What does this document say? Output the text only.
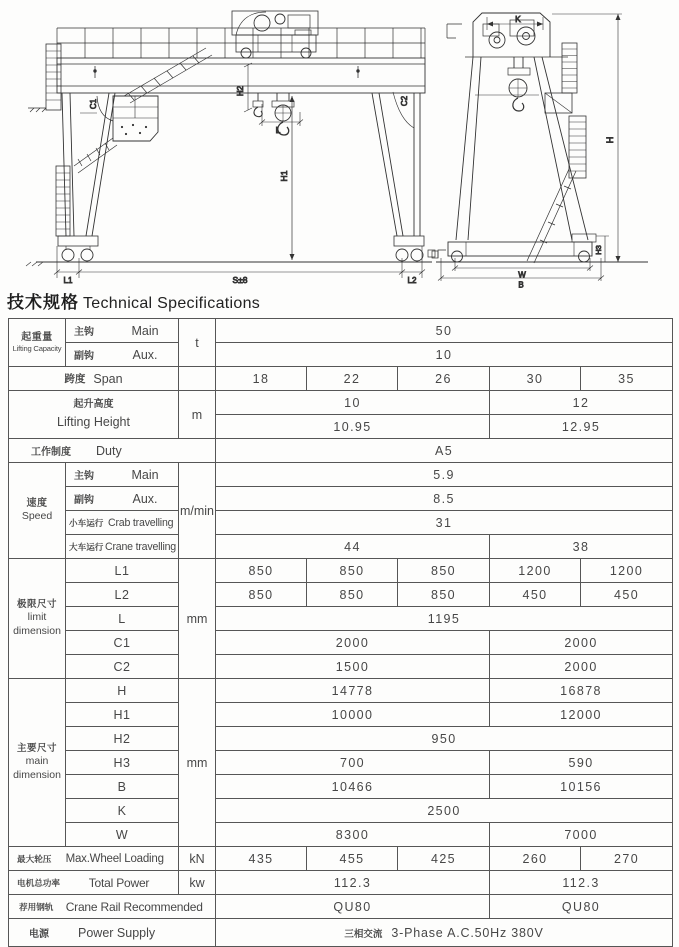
H2
L
H1
C1	C2
L1	S±8	L2
K
H
H3
W
B
技术规格 Technical Specifications
起重量
Lifting Capacity	主钩 Main	t	50				

	副钩 Aux.		10				

跨度 Span			18	22	26	30	35

起升高度
Lifting Height		m	10			12	
			10.95			12.95	

工作制度 Duty			A5				

速度
Speed	主钩 Main	m/min	5.9				

	副钩 Aux.		8.5				

	小车运行 Crab travelling		31				

	大车运行 Crane travelling		44			38	

极限尺寸
limit
dimension	L1	mm	850	850	850	1200	1200
	L2		850	850	850	450	450
	L		1195				
	C1		2000			2000	
	C2		1500			2000	

主要尺寸
main
dimension	H	mm	14778			16878	
	H1		10000			12000	
	H2		950				
	H3		700			590	
	B		10466			10156	
	K		2500				
	W		8300			7000	

最大轮压 Max.Wheel Loading		kN	435	455	425	260	270

电机总功率 Total Power		kw	112.3			112.3	

荐用钢轨 Crane Rail Recommended			QU80			QU80	

电源 Power Supply			三相交流 3-Phase A.C.50Hz 380V				
